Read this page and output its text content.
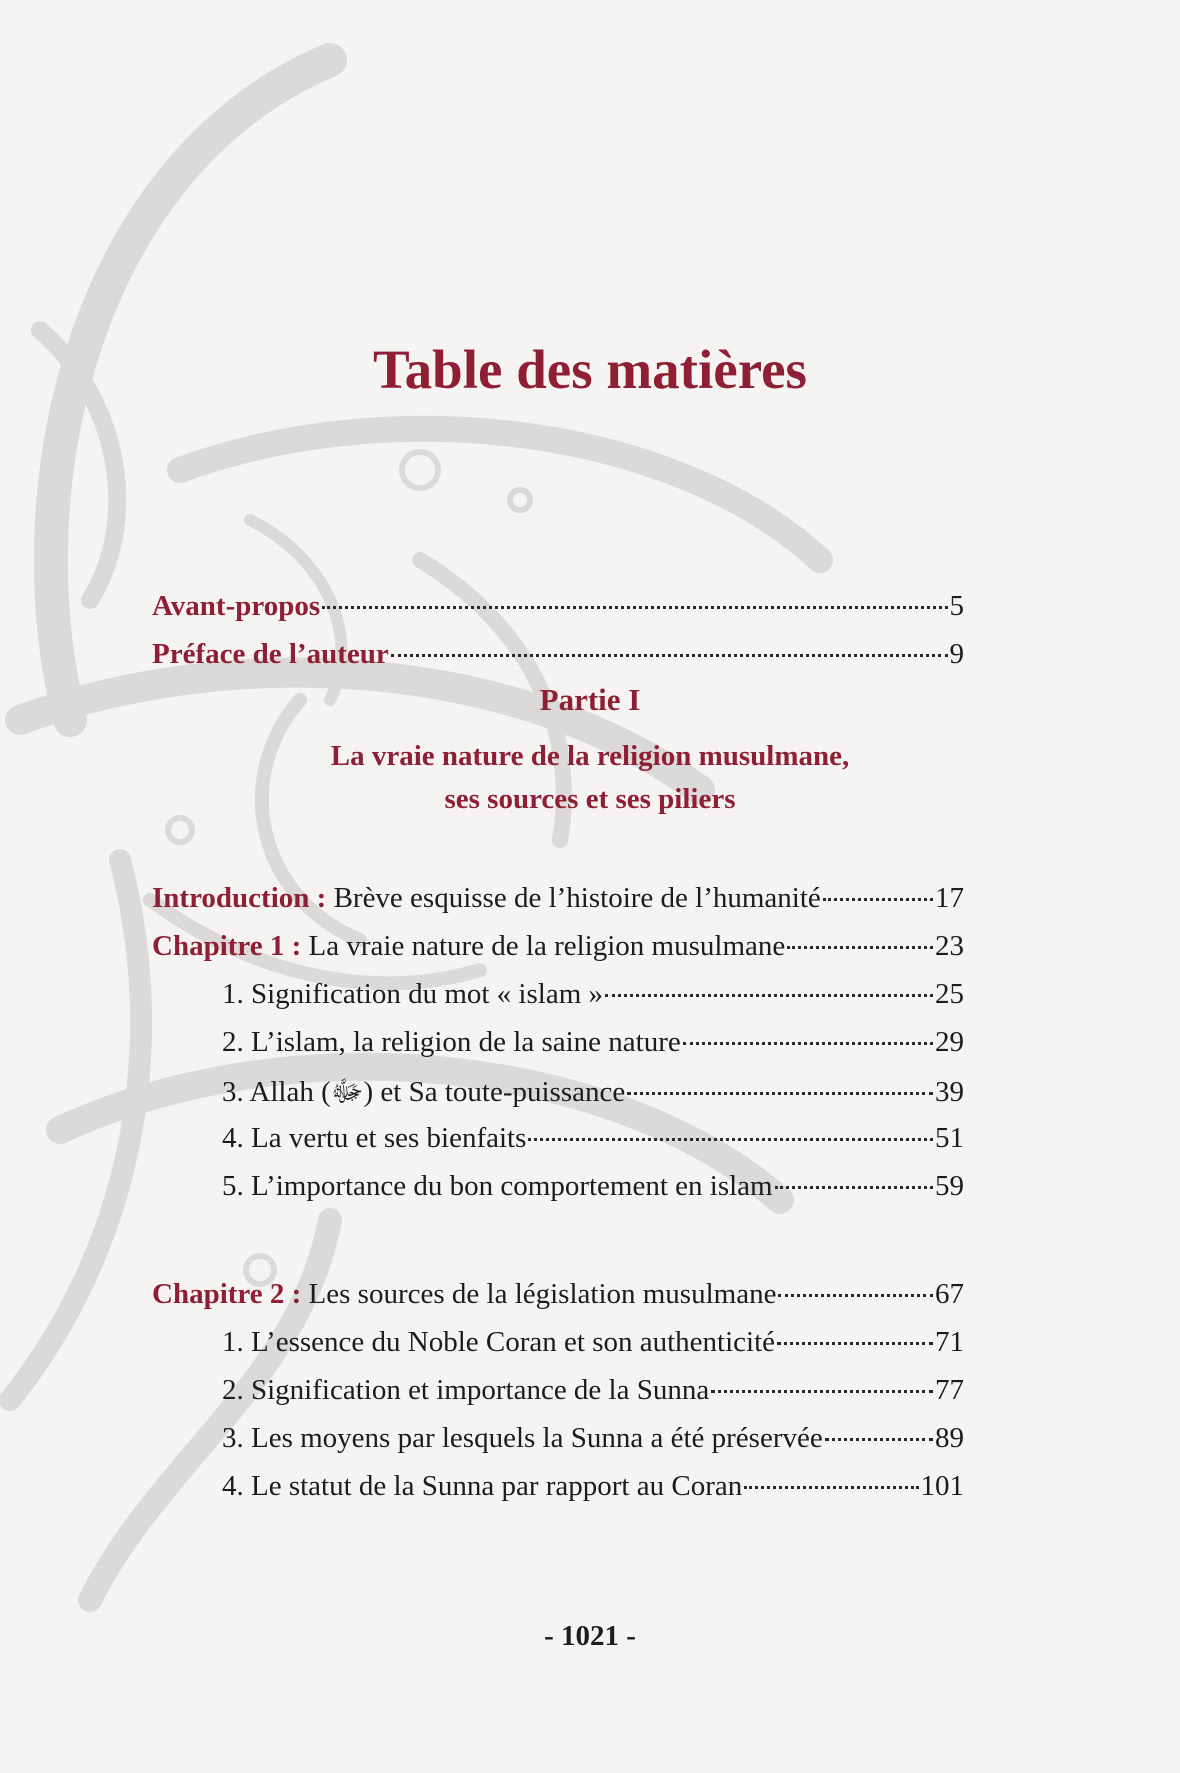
Table des matières
Avant-propos	5
Préface de l’auteur	9
Partie I
La vraie nature de la religion musulmane,
ses sources et ses piliers
Introduction : Brève esquisse de l’histoire de l’humanité	17
Chapitre 1 : La vraie nature de la religion musulmane	23
1. Signification du mot « islam »	25
2. L’islam, la religion de la saine nature	29
3. Allah (ﷻ) et Sa toute-puissance	39
4. La vertu et ses bienfaits	51
5. L’importance du bon comportement en islam	59
Chapitre 2 : Les sources de la législation musulmane	67
1. L’essence du Noble Coran et son authenticité	71
2. Signification et importance de la Sunna	77
3. Les moyens par lesquels la Sunna a été préservée	89
4. Le statut de la Sunna par rapport au Coran	101
- 1021 -
